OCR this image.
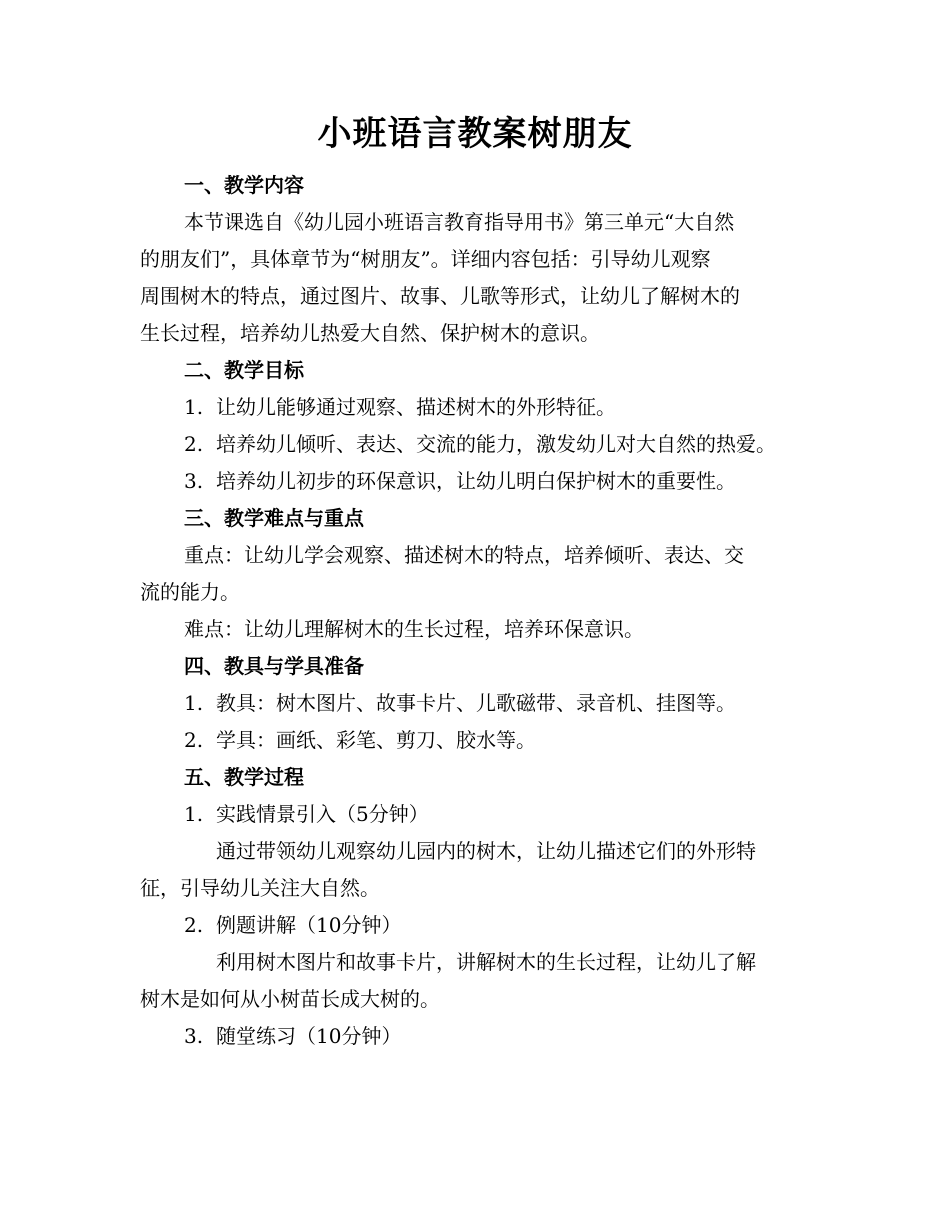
小班语言教案树朋友
一、教学内容
本节课选自《幼儿园小班语言教育指导用书》第三单元“大自然
的朋友们”，具体章节为“树朋友”。详细内容包括：引导幼儿观察
周围树木的特点，通过图片、故事、儿歌等形式，让幼儿了解树木的
生长过程，培养幼儿热爱大自然、保护树木的意识。
二、教学目标
1. 让幼儿能够通过观察、描述树木的外形特征。
2. 培养幼儿倾听、表达、交流的能力，激发幼儿对大自然的热爱。
3. 培养幼儿初步的环保意识，让幼儿明白保护树木的重要性。
三、教学难点与重点
重点：让幼儿学会观察、描述树木的特点，培养倾听、表达、交
流的能力。
难点：让幼儿理解树木的生长过程，培养环保意识。
四、教具与学具准备
1. 教具：树木图片、故事卡片、儿歌磁带、录音机、挂图等。
2. 学具：画纸、彩笔、剪刀、胶水等。
五、教学过程
1. 实践情景引入（5分钟）
通过带领幼儿观察幼儿园内的树木，让幼儿描述它们的外形特
征，引导幼儿关注大自然。
2. 例题讲解（10分钟）
利用树木图片和故事卡片，讲解树木的生长过程，让幼儿了解
树木是如何从小树苗长成大树的。
3. 随堂练习（10分钟）
